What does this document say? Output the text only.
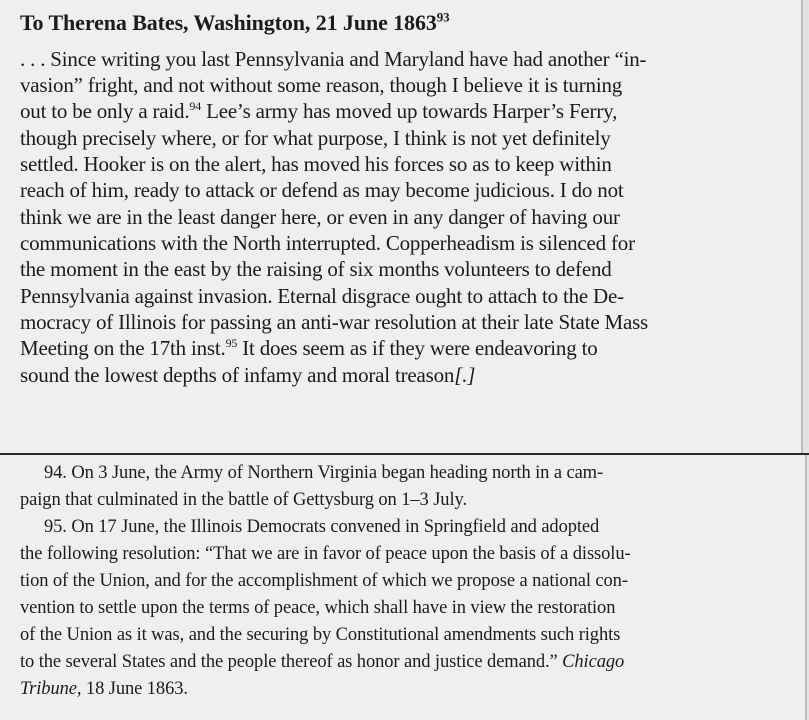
To Therena Bates, Washington, 21 June 1863$^{93}$
. . . Since writing you last Pennsylvania and Maryland have had another “in-
vasion” fright, and not without some reason, though I believe it is turning
out to be only a raid.$^{94}$ Lee’s army has moved up towards Harper’s Ferry,
though precisely where, or for what purpose, I think is not yet definitely
settled. Hooker is on the alert, has moved his forces so as to keep within
reach of him, ready to attack or defend as may become judicious. I do not
think we are in the least danger here, or even in any danger of having our
communications with the North interrupted. Copperheadism is silenced for
the moment in the east by the raising of six months volunteers to defend
Pennsylvania against invasion. Eternal disgrace ought to attach to the De-
mocracy of Illinois for passing an anti-war resolution at their late State Mass
Meeting on the 17th inst.$^{95}$ It does seem as if they were endeavoring to
sound the lowest depths of infamy and moral treason[.]
94. On 3 June, the Army of Northern Virginia began heading north in a cam-
paign that culminated in the battle of Gettysburg on 1–3 July.
95. On 17 June, the Illinois Democrats convened in Springfield and adopted
the following resolution: “That we are in favor of peace upon the basis of a dissolu-
tion of the Union, and for the accomplishment of which we propose a national con-
vention to settle upon the terms of peace, which shall have in view the restoration
of the Union as it was, and the securing by Constitutional amendments such rights
to the several States and the people thereof as honor and justice demand.” Chicago
Tribune, 18 June 1863.
